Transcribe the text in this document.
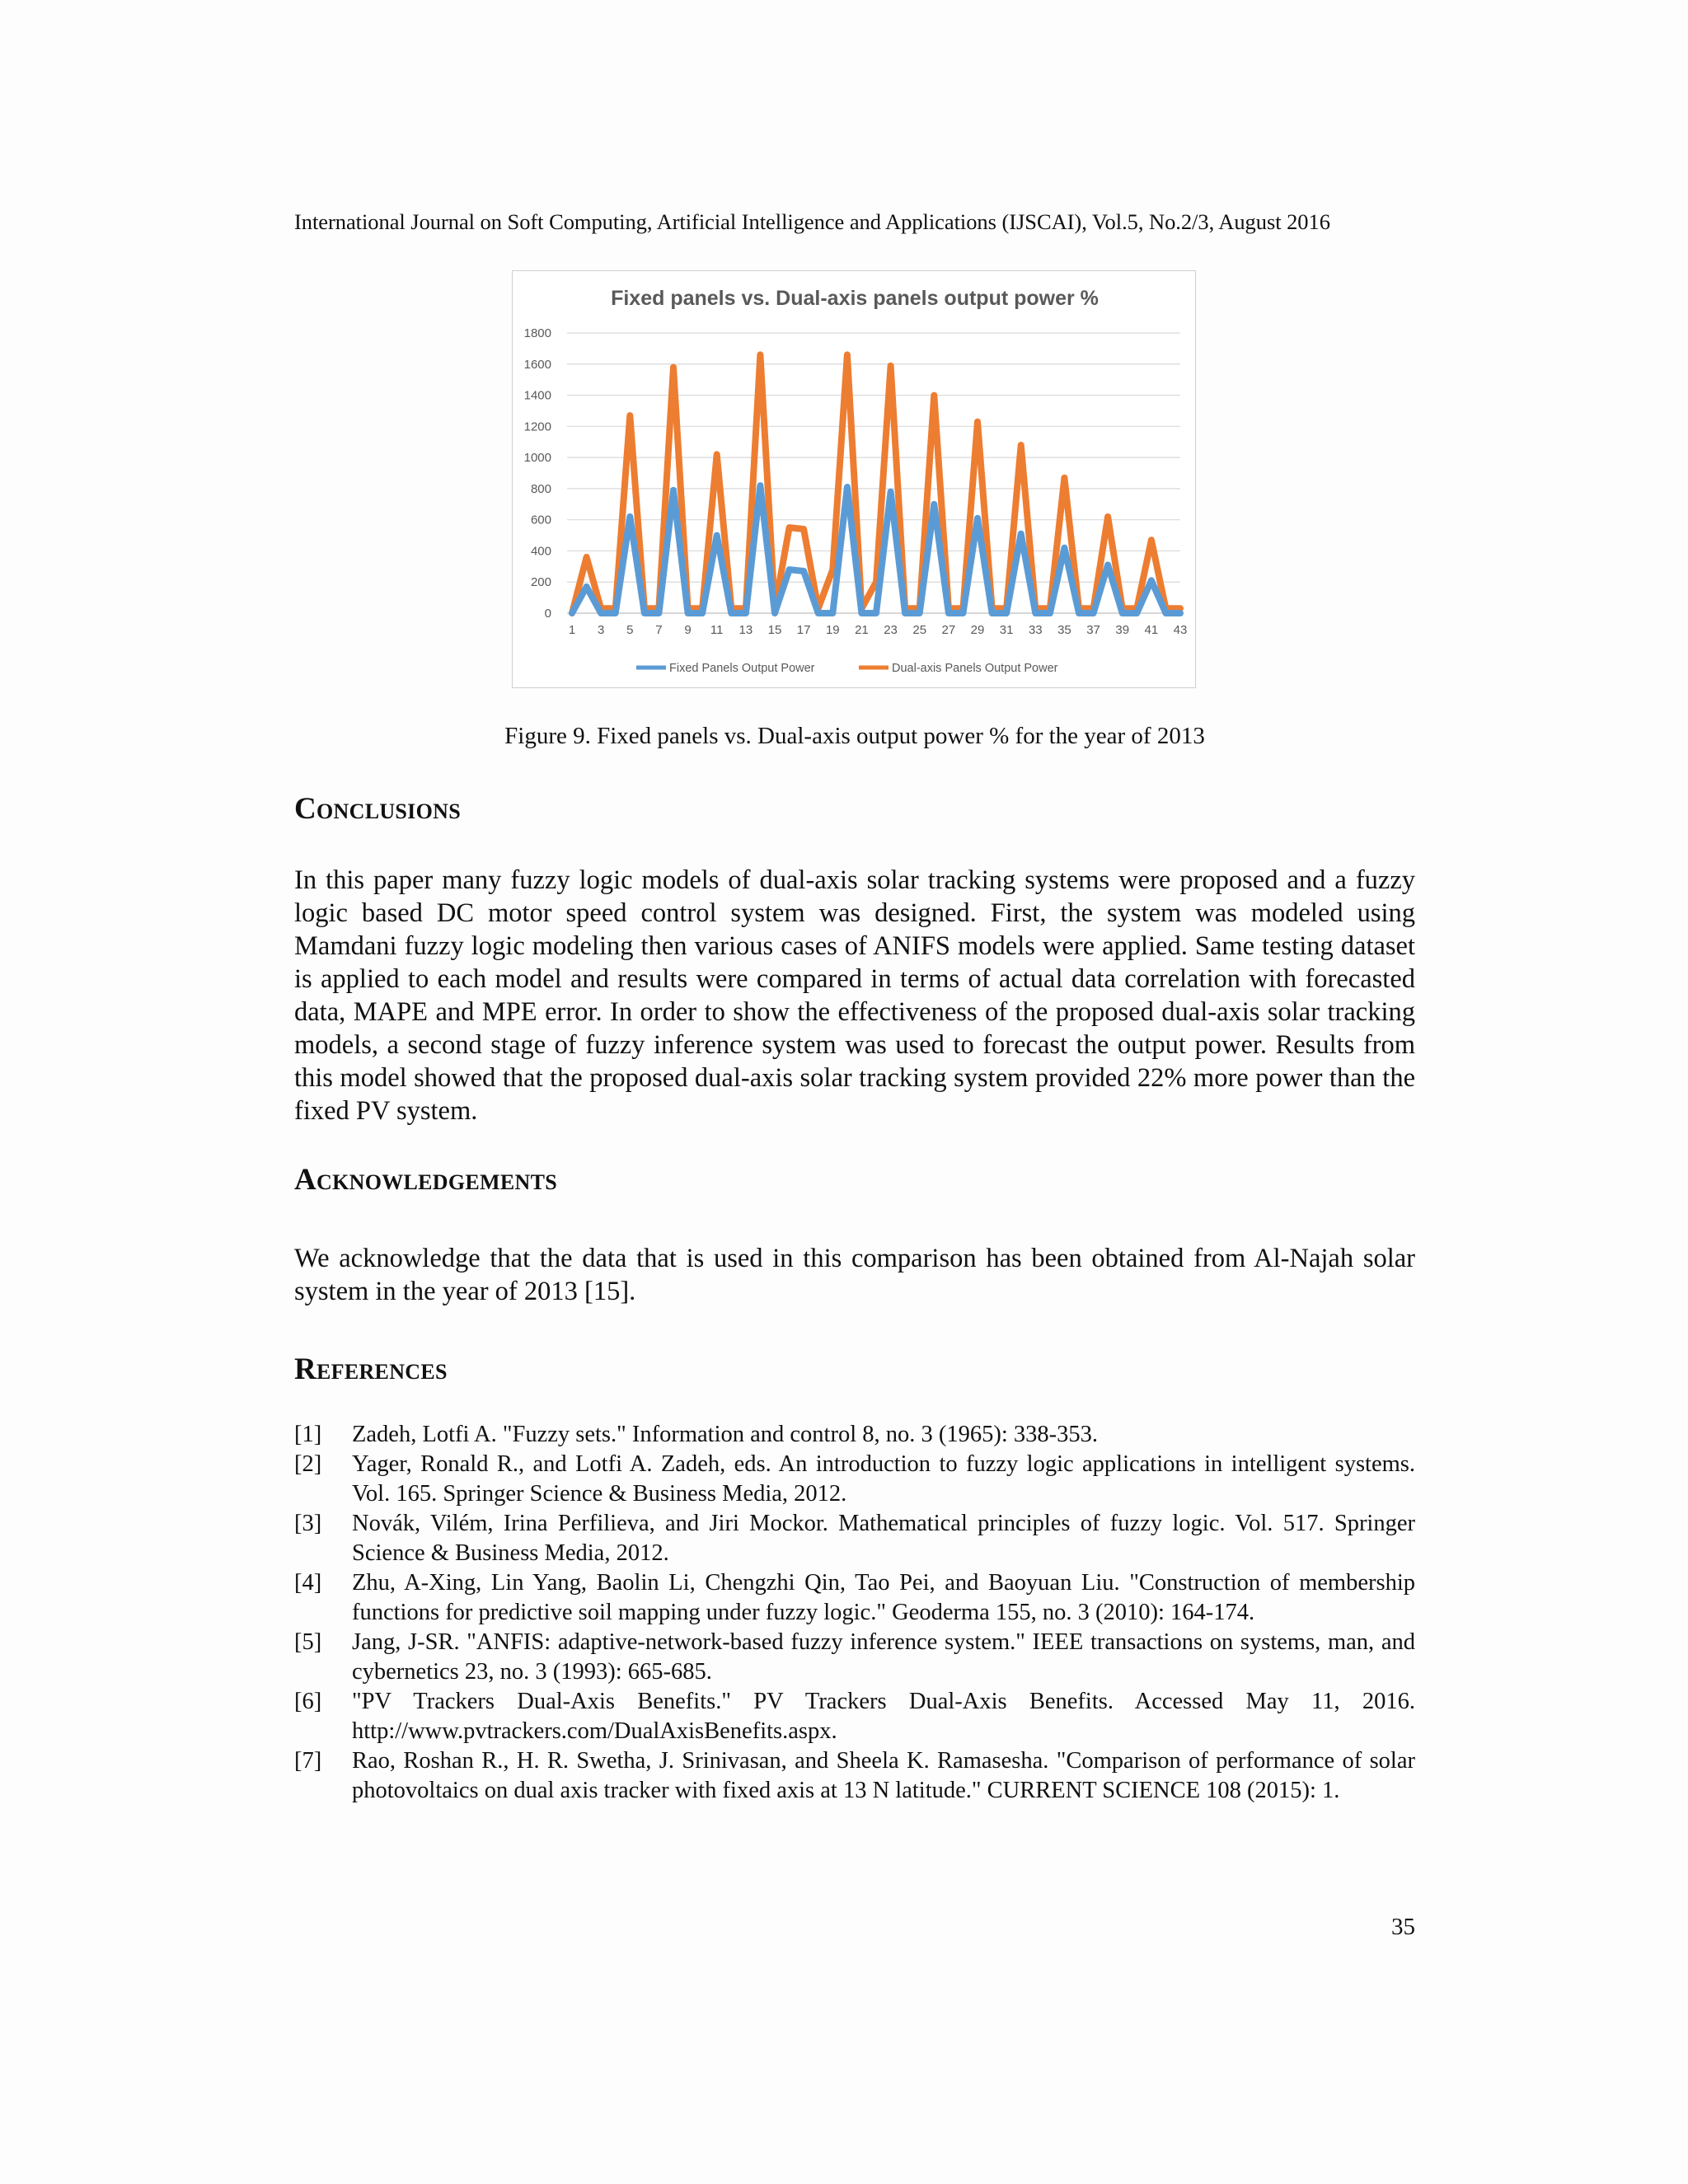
International Journal on Soft Computing, Artificial Intelligence and Applications (IJSCAI), Vol.5, No.2/3, August 2016
Fixed panels vs. Dual-axis panels output power %
0
200
400
600
800
1000
1200
1400
1600
1800
1 3 5 7 9 11 13 15 17 19 21 23 25 27 29 31 33 35 37 39 41 43
Fixed Panels Output Power	Dual-axis Panels Output Power
Figure 9. Fixed panels vs. Dual-axis output power % for the year of 2013
Conclusions
In this paper many fuzzy logic models of dual-axis solar tracking systems were proposed and a fuzzy logic based DC motor speed control system was designed. First, the system was modeled using Mamdani fuzzy logic modeling then various cases of ANIFS models were applied. Same testing dataset is applied to each model and results were compared in terms of actual data correlation with forecasted data, MAPE and MPE error. In order to show the effectiveness of the proposed dual-axis solar tracking models, a second stage of fuzzy inference system was used to forecast the output power. Results from this model showed that the proposed dual-axis solar tracking system provided 22% more power than the fixed PV system.
Acknowledgements
We acknowledge that the data that is used in this comparison has been obtained from Al-Najah solar system in the year of 2013 [15].
References
[1] Zadeh, Lotfi A. "Fuzzy sets." Information and control 8, no. 3 (1965): 338-353.
[2] Yager, Ronald R., and Lotfi A. Zadeh, eds. An introduction to fuzzy logic applications in intelligent systems. Vol. 165. Springer Science & Business Media, 2012.
[3] Novák, Vilém, Irina Perfilieva, and Jiri Mockor. Mathematical principles of fuzzy logic. Vol. 517. Springer Science & Business Media, 2012.
[4] Zhu, A-Xing, Lin Yang, Baolin Li, Chengzhi Qin, Tao Pei, and Baoyuan Liu. "Construction of membership functions for predictive soil mapping under fuzzy logic." Geoderma 155, no. 3 (2010): 164-174.
[5] Jang, J-SR. "ANFIS: adaptive-network-based fuzzy inference system." IEEE transactions on systems, man, and cybernetics 23, no. 3 (1993): 665-685.
[6] "PV Trackers Dual-Axis Benefits." PV Trackers Dual-Axis Benefits. Accessed May 11, 2016. http://www.pvtrackers.com/DualAxisBenefits.aspx.
[7] Rao, Roshan R., H. R. Swetha, J. Srinivasan, and Sheela K. Ramasesha. "Comparison of performance of solar photovoltaics on dual axis tracker with fixed axis at 13 N latitude." CURRENT SCIENCE 108 (2015): 1.
35
